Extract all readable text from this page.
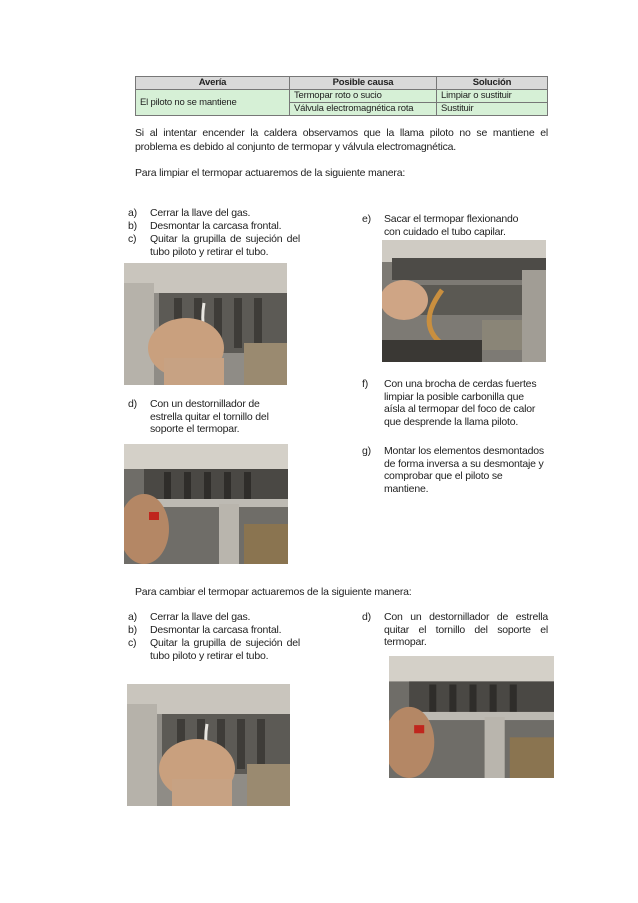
Avería	Posible causa	Solución
El piloto no se mantiene	Termopar roto o sucio	Limpiar o sustituir
	Válvula electromagnética rota	Sustituir
Si al intentar encender la caldera observamos que la llama piloto no se mantiene el problema es debido al conjunto de termopar y válvula electromagnética.
Para limpiar el termopar actuaremos de la siguiente manera:
a) Cerrar la llave del gas.
b) Desmontar la carcasa frontal.
c) Quitar la grupilla de sujeción del tubo piloto y retirar el tubo.
d) Con un destornillador de estrella quitar el tornillo del soporte el termopar.
e) Sacar el termopar flexionando con cuidado el tubo capilar.
f) Con una brocha de cerdas fuertes limpiar la posible carbonilla que aísla al termopar del foco de calor que desprende la llama piloto.
g) Montar los elementos desmontados de forma inversa a su desmontaje y comprobar que el piloto se mantiene.
Para cambiar el termopar actuaremos de la siguiente manera:
a) Cerrar la llave del gas.
b) Desmontar la carcasa frontal.
c) Quitar la grupilla de sujeción del tubo piloto y retirar el tubo.
d) Con un destornillador de estrella quitar el tornillo del soporte el termopar.
